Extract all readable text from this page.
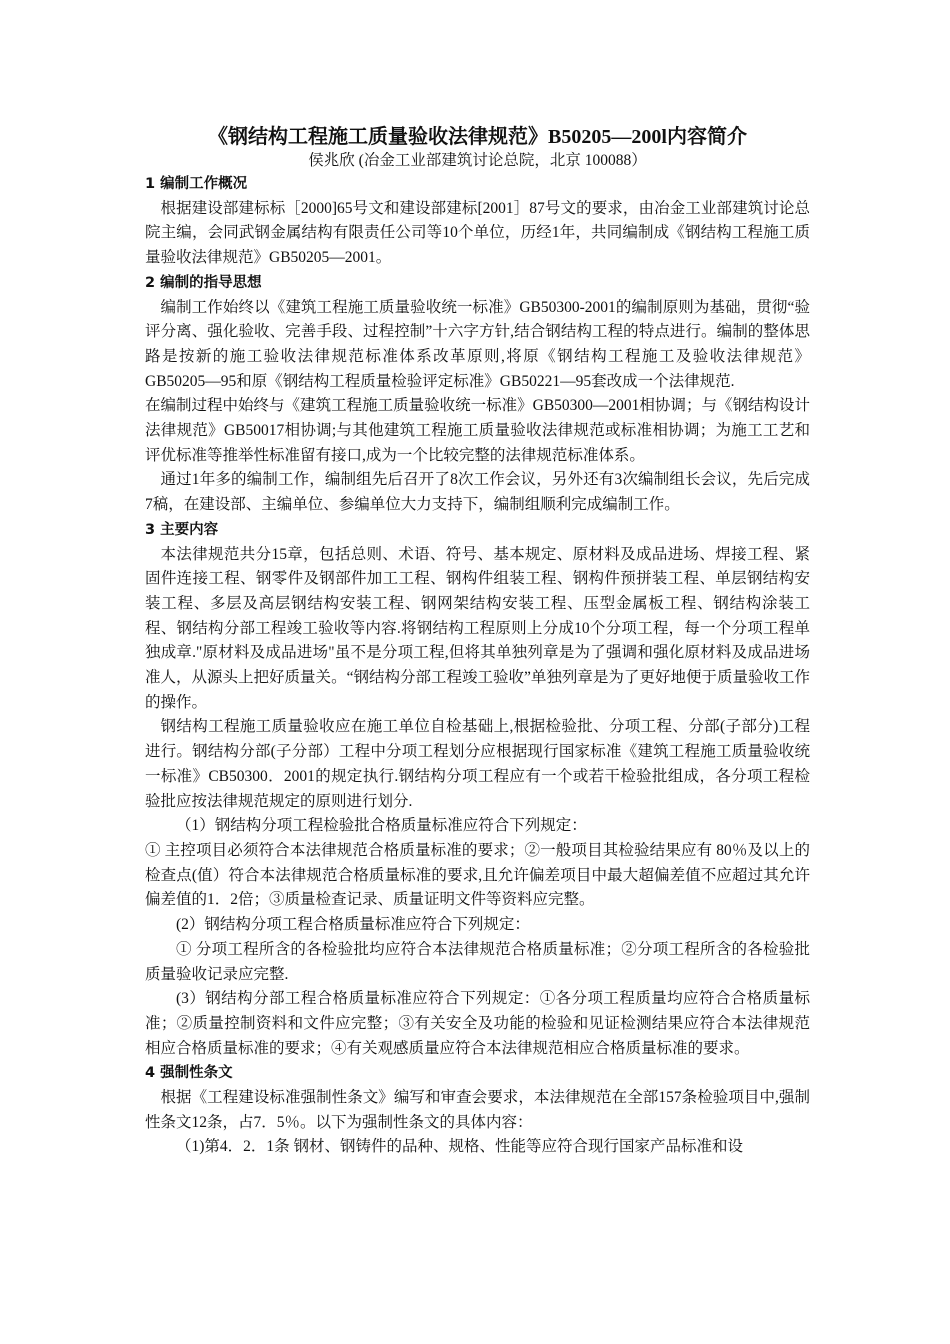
《钢结构工程施工质量验收法律规范》B50205—200l内容简介

侯兆欣 (冶金工业部建筑讨论总院，北京 100088）

1 编制工作概况

根据建设部建标标［2000]65号文和建设部建标[2001］87号文的要求，由冶金工业部建筑讨论总院主编，会同武钢金属结构有限责任公司等10个单位，历经1年，共同编制成《钢结构工程施工质量验收法律规范》GB50205—2001。

2 编制的指导思想

编制工作始终以《建筑工程施工质量验收统一标准》GB50300-2001的编制原则为基础，贯彻“验评分离、强化验收、完善手段、过程控制”十六字方针,结合钢结构工程的特点进行。编制的整体思路是按新的施工验收法律规范标准体系改革原则,将原《钢结构工程施工及验收法律规范》GB50205—95和原《钢结构工程质量检验评定标准》GB50221—95套改成一个法律规范.

在编制过程中始终与《建筑工程施工质量验收统一标准》GB50300—2001相协调；与《钢结构设计法律规范》GB50017相协调;与其他建筑工程施工质量验收法律规范或标准相协调；为施工工艺和评优标准等推举性标准留有接口,成为一个比较完整的法律规范标准体系。

通过1年多的编制工作，编制组先后召开了8次工作会议，另外还有3次编制组长会议，先后完成7稿，在建设部、主编单位、参编单位大力支持下，编制组顺利完成编制工作。

3 主要内容

本法律规范共分15章，包括总则、术语、符号、基本规定、原材料及成品进场、焊接工程、紧固件连接工程、钢零件及钢部件加工工程、钢构件组装工程、钢构件预拼装工程、单层钢结构安装工程、多层及高层钢结构安装工程、钢网架结构安装工程、压型金属板工程、钢结构涂装工程、钢结构分部工程竣工验收等内容.将钢结构工程原则上分成10个分项工程，每一个分项工程单独成章."原材料及成品进场"虽不是分项工程,但将其单独列章是为了强调和强化原材料及成品进场准人，从源头上把好质量关。“钢结构分部工程竣工验收”单独列章是为了更好地便于质量验收工作的操作。

钢结构工程施工质量验收应在施工单位自检基础上,根据检验批、分项工程、分部(子部分)工程进行。钢结构分部(子分部）工程中分项工程划分应根据现行国家标准《建筑工程施工质量验收统一标准》CB50300．2001的规定执行.钢结构分项工程应有一个或若干检验批组成，各分项工程检验批应按法律规范规定的原则进行划分.

（1）钢结构分项工程检验批合格质量标准应符合下列规定：

① 主控项目必须符合本法律规范合格质量标准的要求；②一般项目其检验结果应有 80％及以上的检查点(值）符合本法律规范合格质量标准的要求,且允许偏差项目中最大超偏差值不应超过其允许偏差值的1．2倍；③质量检查记录、质量证明文件等资料应完整。

(2）钢结构分项工程合格质量标准应符合下列规定：

① 分项工程所含的各检验批均应符合本法律规范合格质量标准；②分项工程所含的各检验批质量验收记录应完整.

(3）钢结构分部工程合格质量标准应符合下列规定：①各分项工程质量均应符合合格质量标准；②质量控制资料和文件应完整；③有关安全及功能的检验和见证检测结果应符合本法律规范相应合格质量标准的要求；④有关观感质量应符合本法律规范相应合格质量标准的要求。

4 强制性条文

根据《工程建设标准强制性条文》编写和审查会要求，本法律规范在全部157条检验项目中,强制性条文12条，占7．5％。以下为强制性条文的具体内容：

（1)第4．2．1条 钢材、钢铸件的品种、规格、性能等应符合现行国家产品标准和设
